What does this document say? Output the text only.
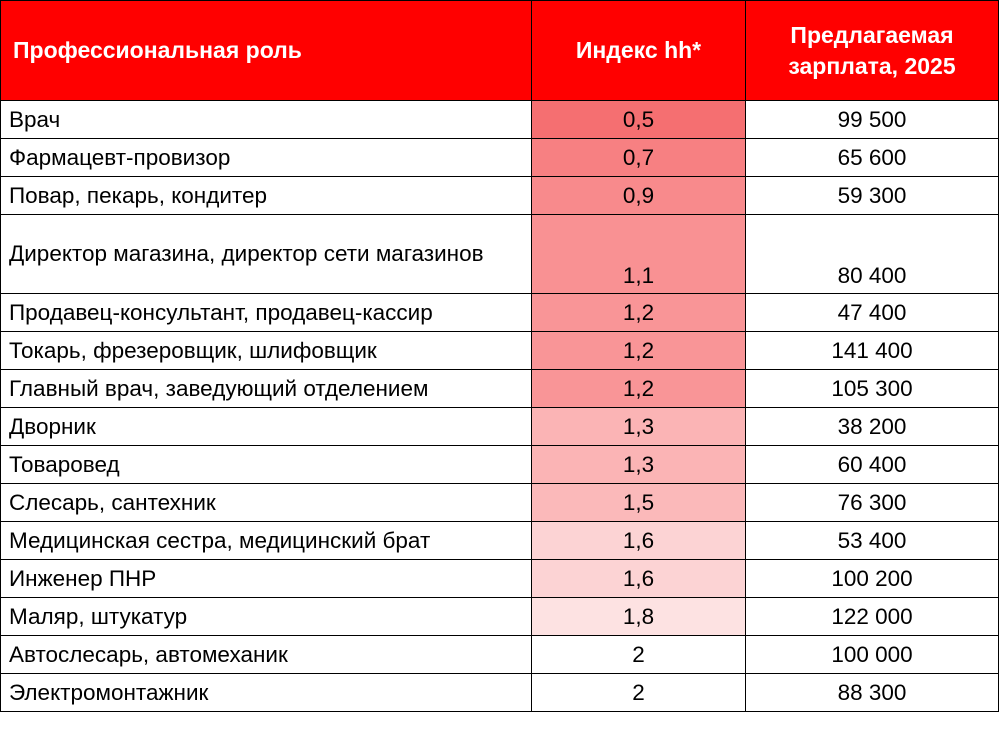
Профессиональная роль	Индекс hh*	Предлагаемая
зарплата, 2025
Врач	0,5	99 500
Фармацевт-провизор	0,7	65 600
Повар, пекарь, кондитер	0,9	59 300
Директор магазина, директор сети магазинов	1,1	80 400
Продавец-консультант, продавец-кассир	1,2	47 400
Токарь, фрезеровщик, шлифовщик	1,2	141 400
Главный врач, заведующий отделением	1,2	105 300
Дворник	1,3	38 200
Товаровед	1,3	60 400
Слесарь, сантехник	1,5	76 300
Медицинская сестра, медицинский брат	1,6	53 400
Инженер ПНР	1,6	100 200
Маляр, штукатур	1,8	122 000
Автослесарь, автомеханик	2	100 000
Электромонтажник	2	88 300
